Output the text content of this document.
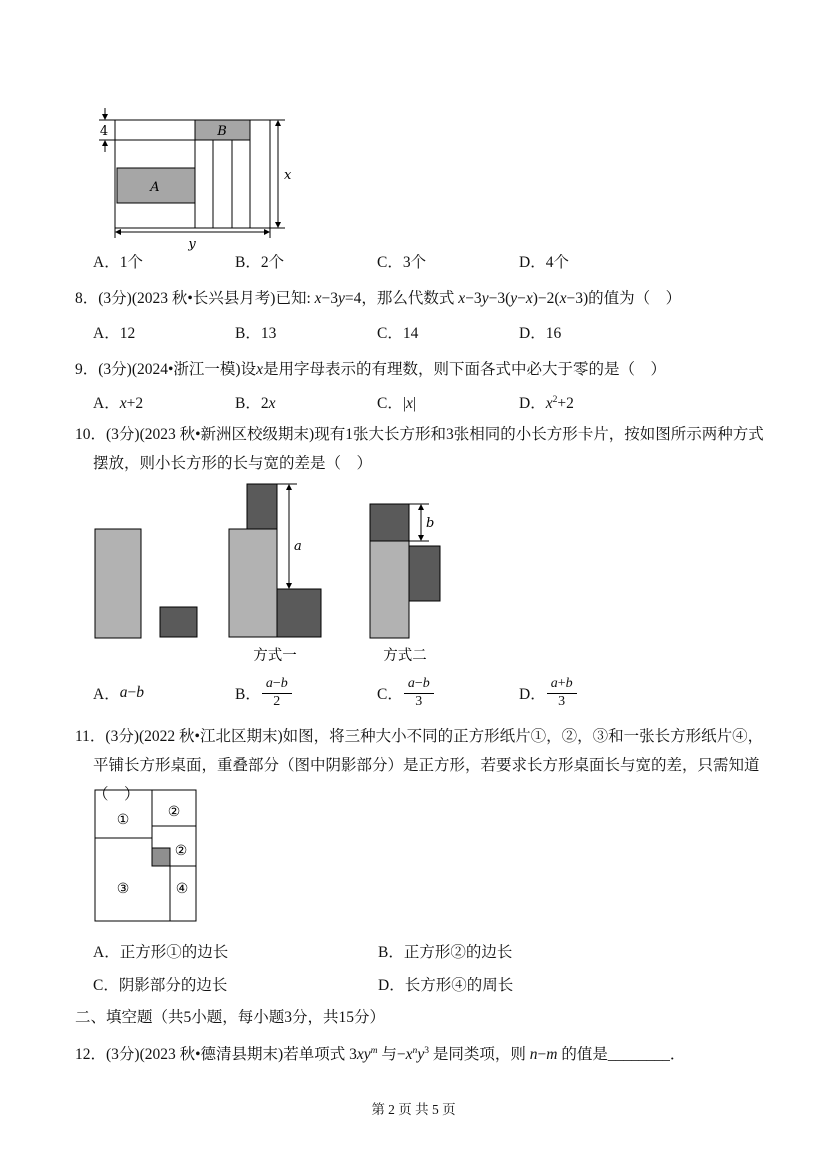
4	B
A
x
y
A．1个	B．2个	C．3个	D．4个
8．(3分)(2023 秋•长兴县月考)已知: x−3y=4，那么代数式 x−3y−3(y−x)−2(x−3)的值为（　）
A．12	B．13	C．14	D．16
9．(3分)(2024•浙江一模)设x是用字母表示的有理数，则下面各式中必大于零的是（　）
A．x+2	B．2x	C．|x|	D．$x^2+2$
10．(3分)(2023 秋•新洲区校级期末)现有1张大长方形和3张相同的小长方形卡片，按如图所示两种方式摆放，则小长方形的长与宽的差是（　）
a
b
方式一	方式二
A． a−b	B． $\frac{a-b}{2}$	C． $\frac{a-b}{3}$	D． $\frac{a+b}{3}$
11．(3分)(2022 秋•江北区期末)如图，将三种大小不同的正方形纸片①，②，③和一张长方形纸片④，平铺长方形桌面，重叠部分（图中阴影部分）是正方形，若要求长方形桌面长与宽的差，只需知道（　）
①	②
②
③	④
A．正方形①的边长	B．正方形②的边长
C．阴影部分的边长	D．长方形④的周长
二、填空题（共5小题，每小题3分，共15分）
12．(3分)(2023 秋•德清县期末)若单项式 $3xy^m$ 与$-x^ny^3$ 是同类项，则 n−m 的值是________．
第 2 页 共 5 页
